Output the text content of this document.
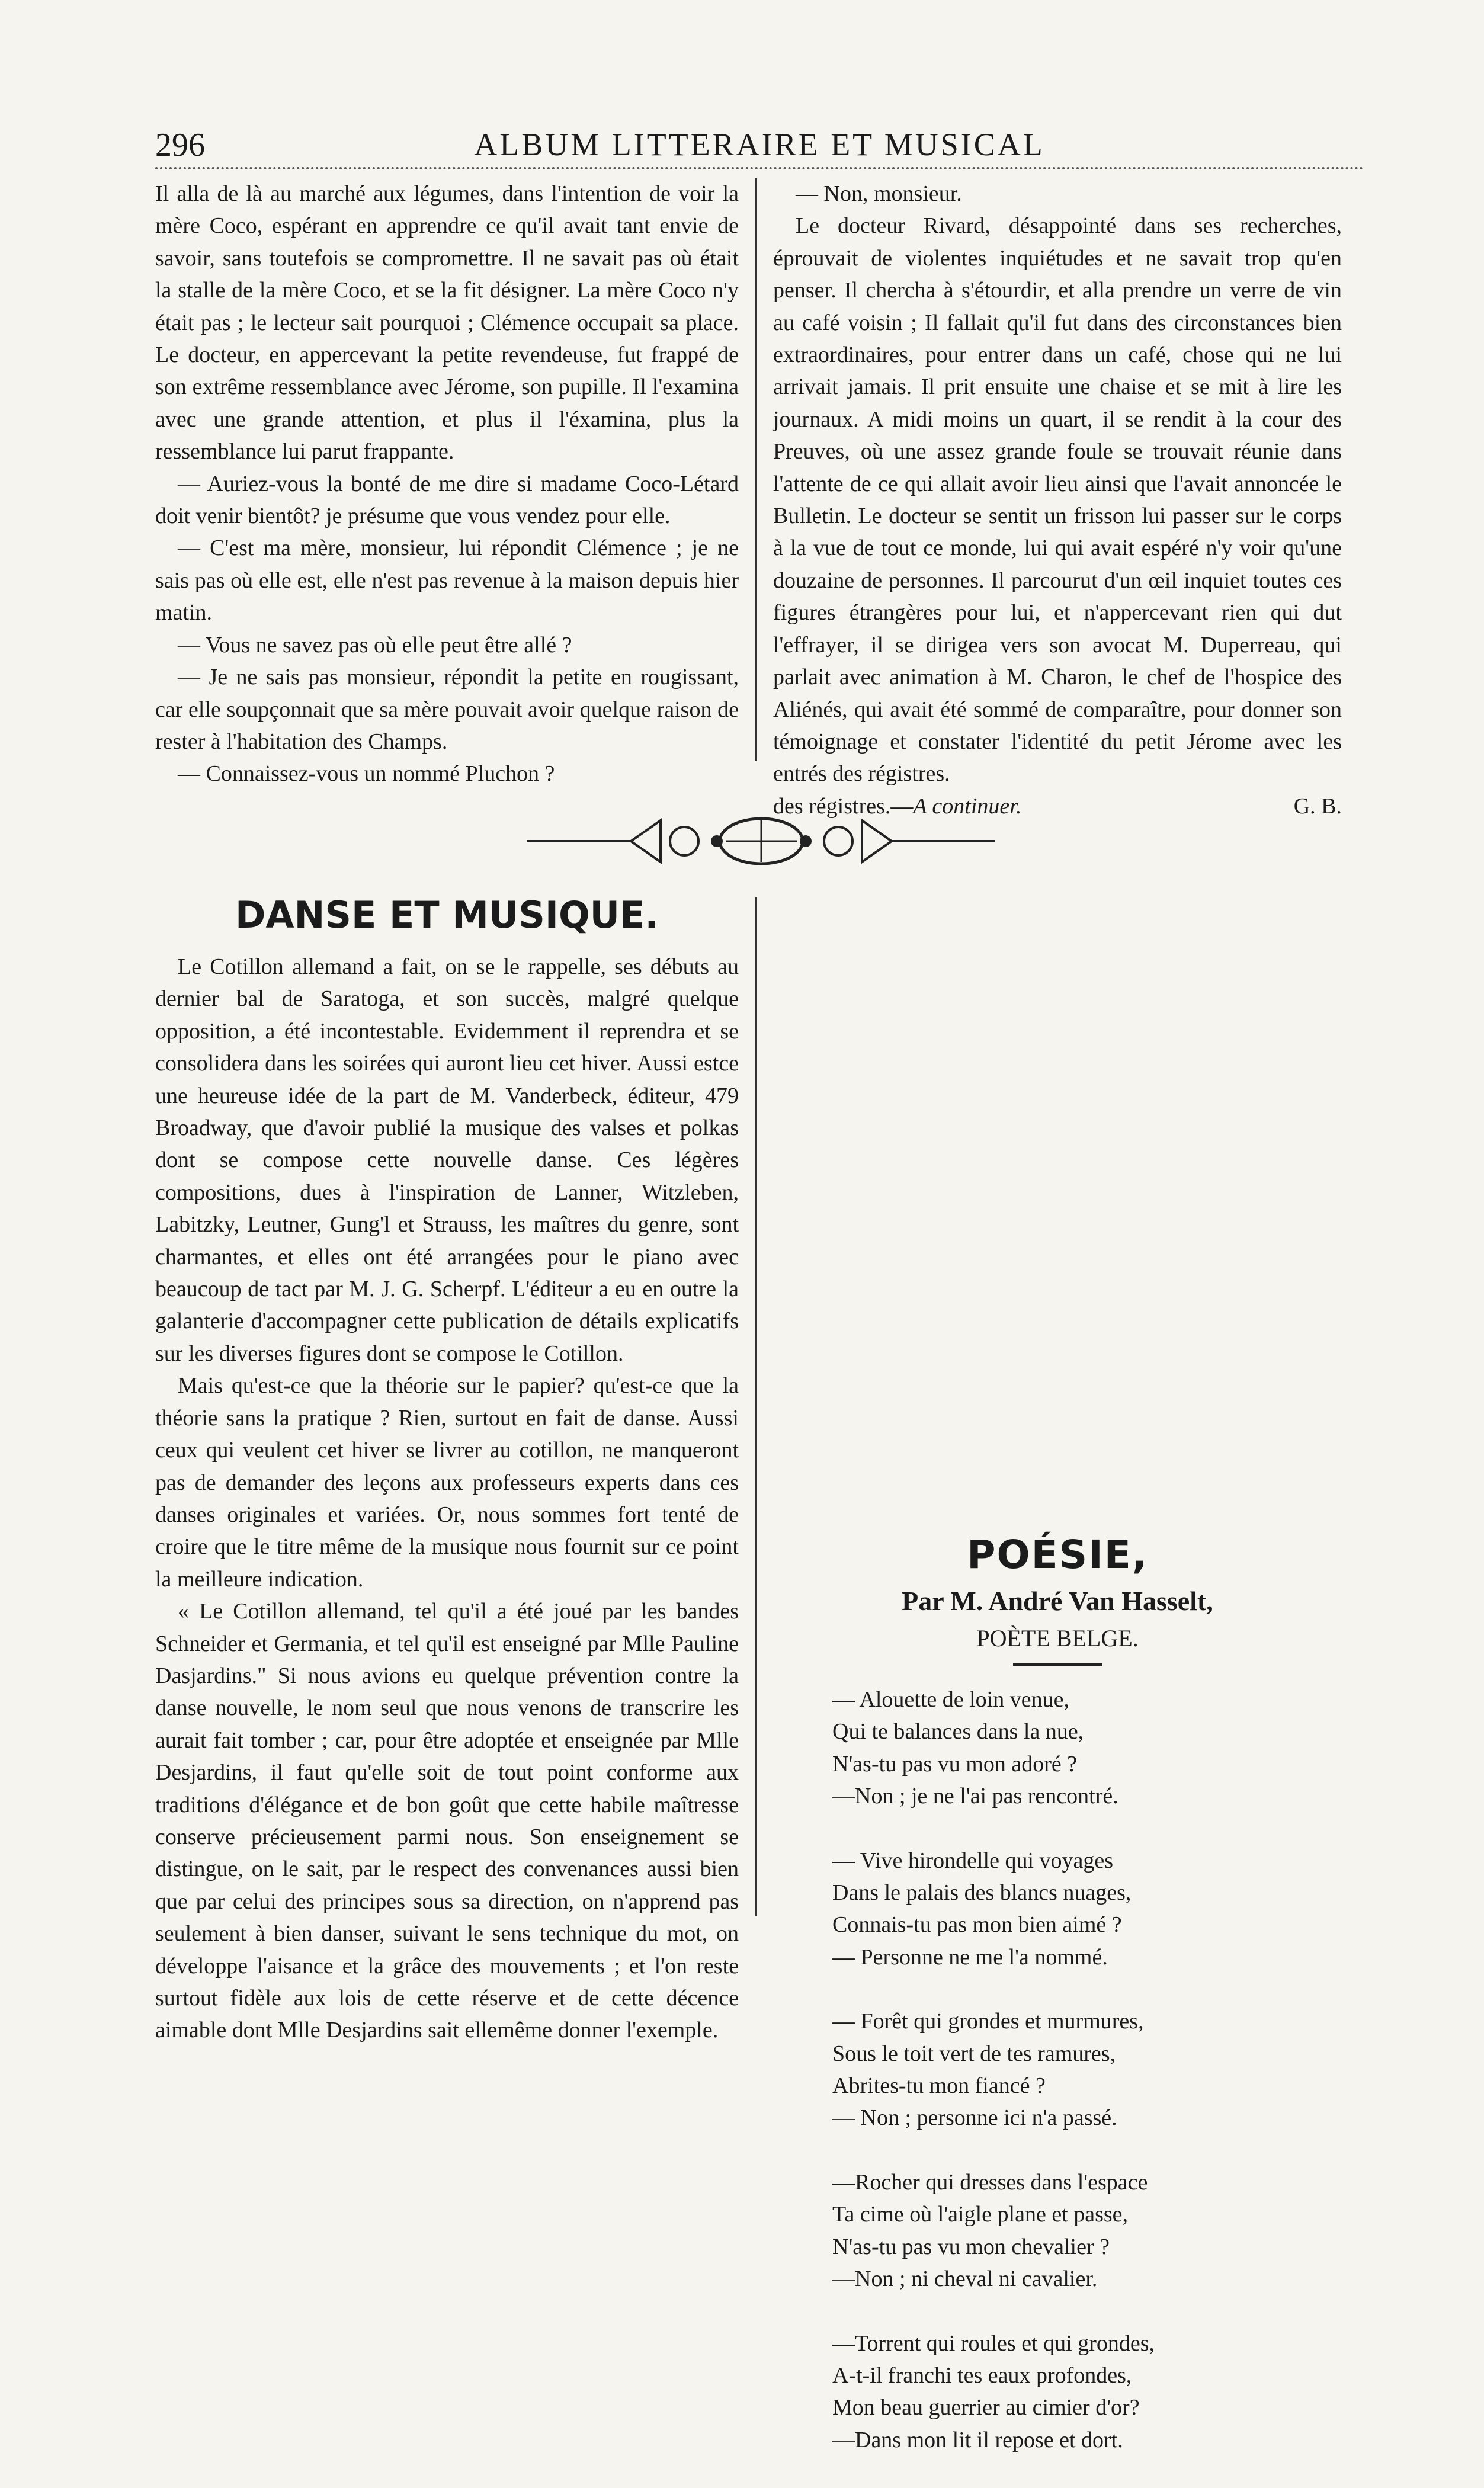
296	ALBUM LITTERAIRE ET MUSICAL

Il alla de là au marché aux légumes, dans l'intention de voir la mère Coco, espérant en apprendre ce qu'il avait tant envie de savoir, sans toutefois se compromettre. Il ne savait pas où était la stalle de la mère Coco, et se la fit désigner. La mère Coco n'y était pas ; le lecteur sait pourquoi ; Clémence occupait sa place. Le docteur, en appercevant la petite revendeuse, fut frappé de son extrême ressemblance avec Jérome, son pupille. Il l'examina avec une grande attention, et plus il l'éxamina, plus la ressemblance lui parut frappante.

— Auriez-vous la bonté de me dire si madame Coco-Létard doit venir bientôt? je présume que vous vendez pour elle.

— C'est ma mère, monsieur, lui répondit Clémence ; je ne sais pas où elle est, elle n'est pas revenue à la maison depuis hier matin.

— Vous ne savez pas où elle peut être allé ?

— Je ne sais pas monsieur, répondit la petite en rougissant, car elle soupçonnait que sa mère pouvait avoir quelque raison de rester à l'habitation des Champs.

— Connaissez-vous un nommé Pluchon ?

— Non, monsieur.

Le docteur Rivard, désappointé dans ses recherches, éprouvait de violentes inquiétudes et ne savait trop qu'en penser. Il chercha à s'étourdir, et alla prendre un verre de vin au café voisin ; Il fallait qu'il fut dans des circonstances bien extraordinaires, pour entrer dans un café, chose qui ne lui arrivait jamais. Il prit ensuite une chaise et se mit à lire les journaux. A midi moins un quart, il se rendit à la cour des Preuves, où une assez grande foule se trouvait réunie dans l'attente de ce qui allait avoir lieu ainsi que l'avait annoncée le Bulletin. Le docteur se sentit un frisson lui passer sur le corps à la vue de tout ce monde, lui qui avait espéré n'y voir qu'une douzaine de personnes. Il parcourut d'un œil inquiet toutes ces figures étrangères pour lui, et n'appercevant rien qui dut l'effrayer, il se dirigea vers son avocat M. Duperreau, qui parlait avec animation à M. Charon, le chef de l'hospice des Aliénés, qui avait été sommé de comparaître, pour donner son témoignage et constater l'identité du petit Jérome avec les entrés des régistres.

des régistres.—A continuer.	G. B.

DANSE ET MUSIQUE.

Le Cotillon allemand a fait, on se le rappelle, ses débuts au dernier bal de Saratoga, et son succès, malgré quelque opposition, a été incontestable. Evidemment il reprendra et se consolidera dans les soirées qui auront lieu cet hiver. Aussi estce une heureuse idée de la part de M. Vanderbeck, éditeur, 479 Broadway, que d'avoir publié la musique des valses et polkas dont se compose cette nouvelle danse. Ces légères compositions, dues à l'inspiration de Lanner, Witzleben, Labitzky, Leutner, Gung'l et Strauss, les maîtres du genre, sont charmantes, et elles ont été arrangées pour le piano avec beaucoup de tact par M. J. G. Scherpf. L'éditeur a eu en outre la galanterie d'accompagner cette publication de détails explicatifs sur les diverses figures dont se compose le Cotillon.

Mais qu'est-ce que la théorie sur le papier? qu'est-ce que la théorie sans la pratique ? Rien, surtout en fait de danse. Aussi ceux qui veulent cet hiver se livrer au cotillon, ne manqueront pas de demander des leçons aux professeurs experts dans ces danses originales et variées. Or, nous sommes fort tenté de croire que le titre même de la musique nous fournit sur ce point la meilleure indication.

« Le Cotillon allemand, tel qu'il a été joué par les bandes Schneider et Germania, et tel qu'il est enseigné par Mlle Pauline Dasjardins." Si nous avions eu quelque prévention contre la danse nouvelle, le nom seul que nous venons de transcrire les aurait fait tomber ; car, pour être adoptée et enseignée par Mlle Desjardins, il faut qu'elle soit de tout point conforme aux traditions d'élégance et de bon goût que cette habile maîtresse conserve précieusement parmi nous. Son enseignement se distingue, on le sait, par le respect des convenances aussi bien que par celui des principes sous sa direction, on n'apprend pas seulement à bien danser, suivant le sens technique du mot, on développe l'aisance et la grâce des mouvements ; et l'on reste surtout fidèle aux lois de cette réserve et de cette décence aimable dont Mlle Desjardins sait ellemême donner l'exemple.

POÉSIE,
Par M. André Van Hasselt,
POÈTE BELGE.
— Alouette de loin venue,
Qui te balances dans la nue,
N'as-tu pas vu mon adoré ?
—Non ; je ne l'ai pas rencontré.
— Vive hirondelle qui voyages
Dans le palais des blancs nuages,
Connais-tu pas mon bien aimé ?
— Personne ne me l'a nommé.
— Forêt qui grondes et murmures,
Sous le toit vert de tes ramures,
Abrites-tu mon fiancé ?
— Non ; personne ici n'a passé.
—Rocher qui dresses dans l'espace
Ta cime où l'aigle plane et passe,
N'as-tu pas vu mon chevalier ?
—Non ; ni cheval ni cavalier.
—Torrent qui roules et qui grondes,
A-t-il franchi tes eaux profondes,
Mon beau guerrier au cimier d'or?
—Dans mon lit il repose et dort.
